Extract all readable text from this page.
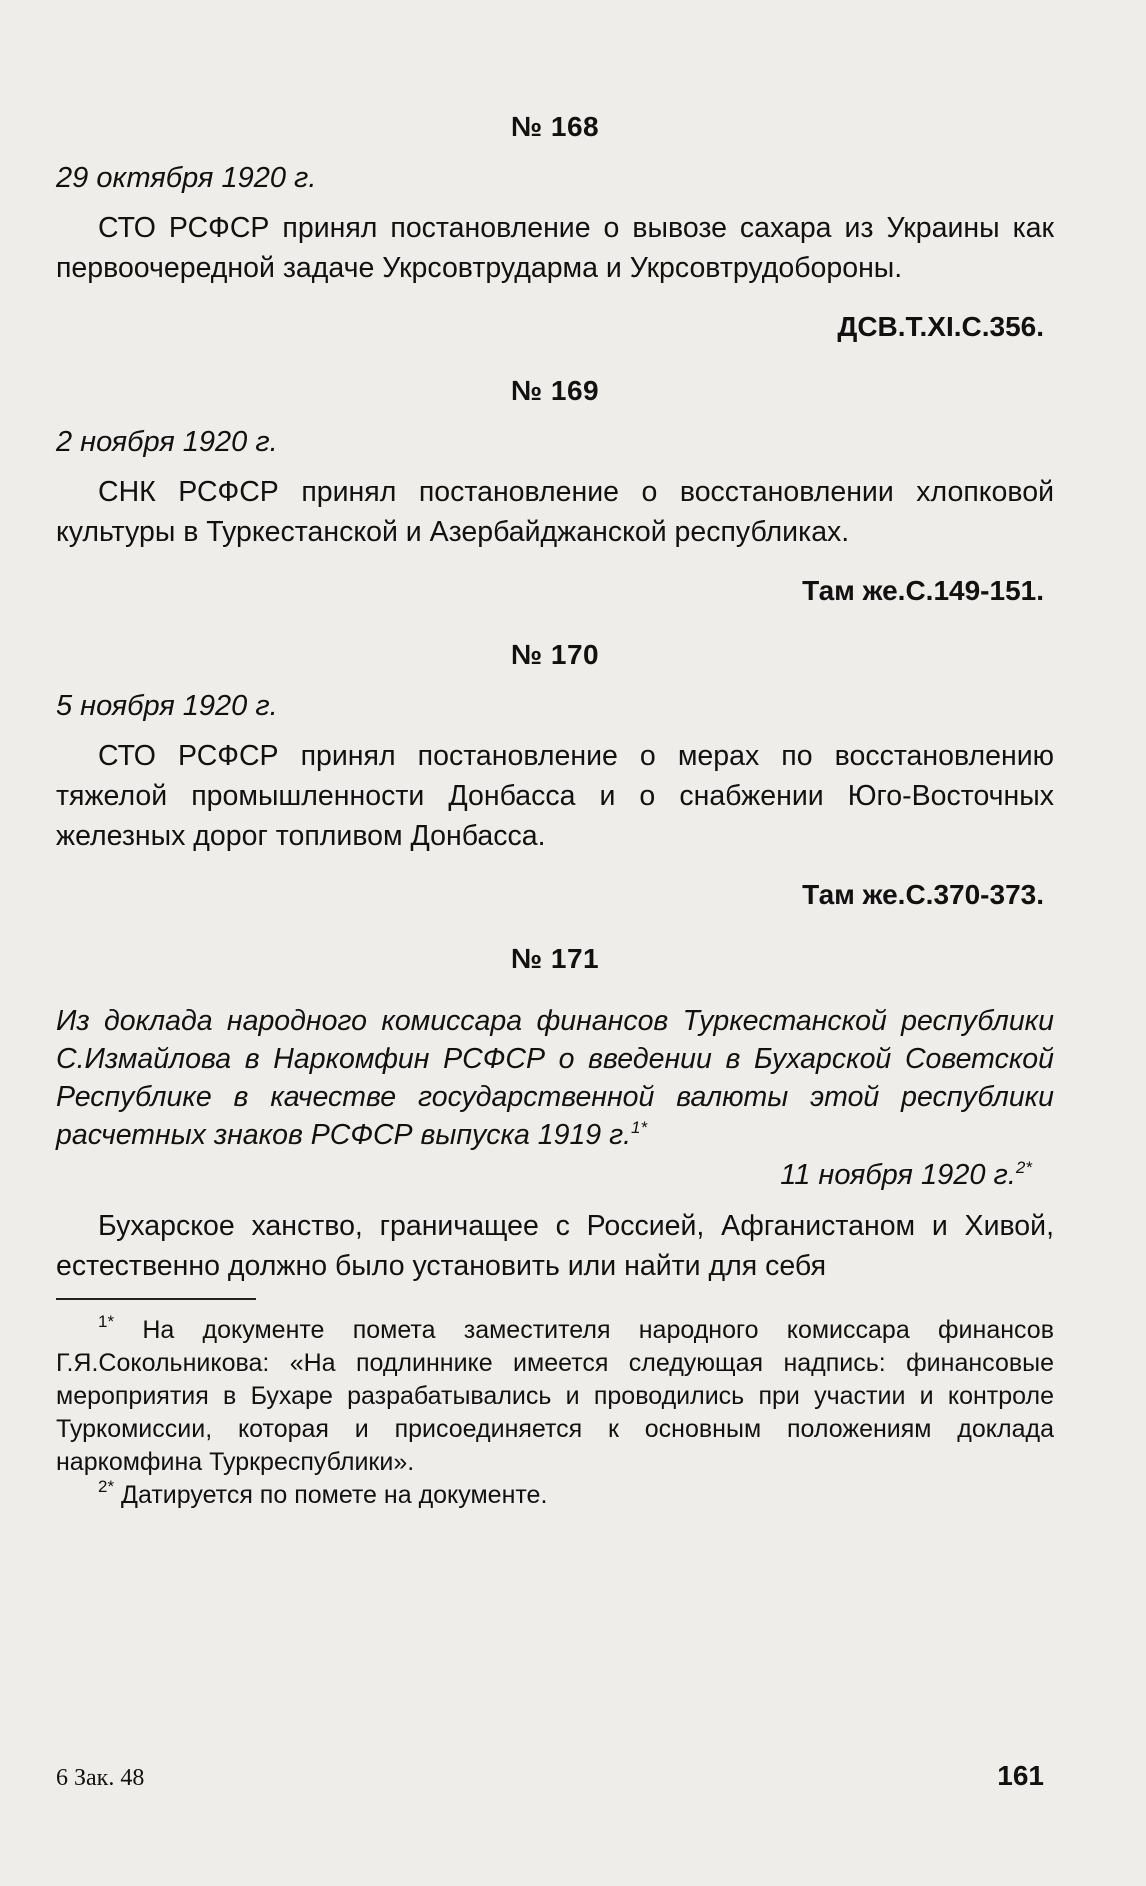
№ 168
29 октября 1920 г.

СТО РСФСР принял постановление о вывозе сахара из Украины как первоочередной задаче Укрсовтрудармa и Укрсовтрудобороны.

ДСВ.Т.XI.С.356.
№ 169
2 ноября 1920 г.

СНК РСФСР принял постановление о восстановлении хлопковой культуры в Туркестанской и Азербайджанской республиках.

Там же.С.149-151.
№ 170
5 ноября 1920 г.

СТО РСФСР принял постановление о мерах по восстановлению тяжелой промышленности Донбасса и о снабжении Юго-Восточных железных дорог топливом Донбасса.

Там же.С.370-373.
№ 171
Из доклада народного комиссара финансов Туркестанской республики С.Измайлова в Наркомфин РСФСР о введении в Бухарской Советской Республике в качестве государственной валюты этой республики расчетных знаков РСФСР выпуска 1919 г.$^{1*}$
11 ноября 1920 г.$^{2*}$

Бухарское ханство, граничащее с Россией, Афганистаном и Хивой, естественно должно было установить или найти для себя

$^{1*}$ На документе помета заместителя народного комиссара финансов Г.Я.Сокольникова: «На подлиннике имеется следующая надпись: финансовые мероприятия в Бухаре разрабатывались и проводились при участии и контроле Туркомиссии, которая и присоединяется к основным положениям доклада наркомфина Туркреспублики».

$^{2*}$ Датируется по помете на документе.

6 Зак. 48	161
